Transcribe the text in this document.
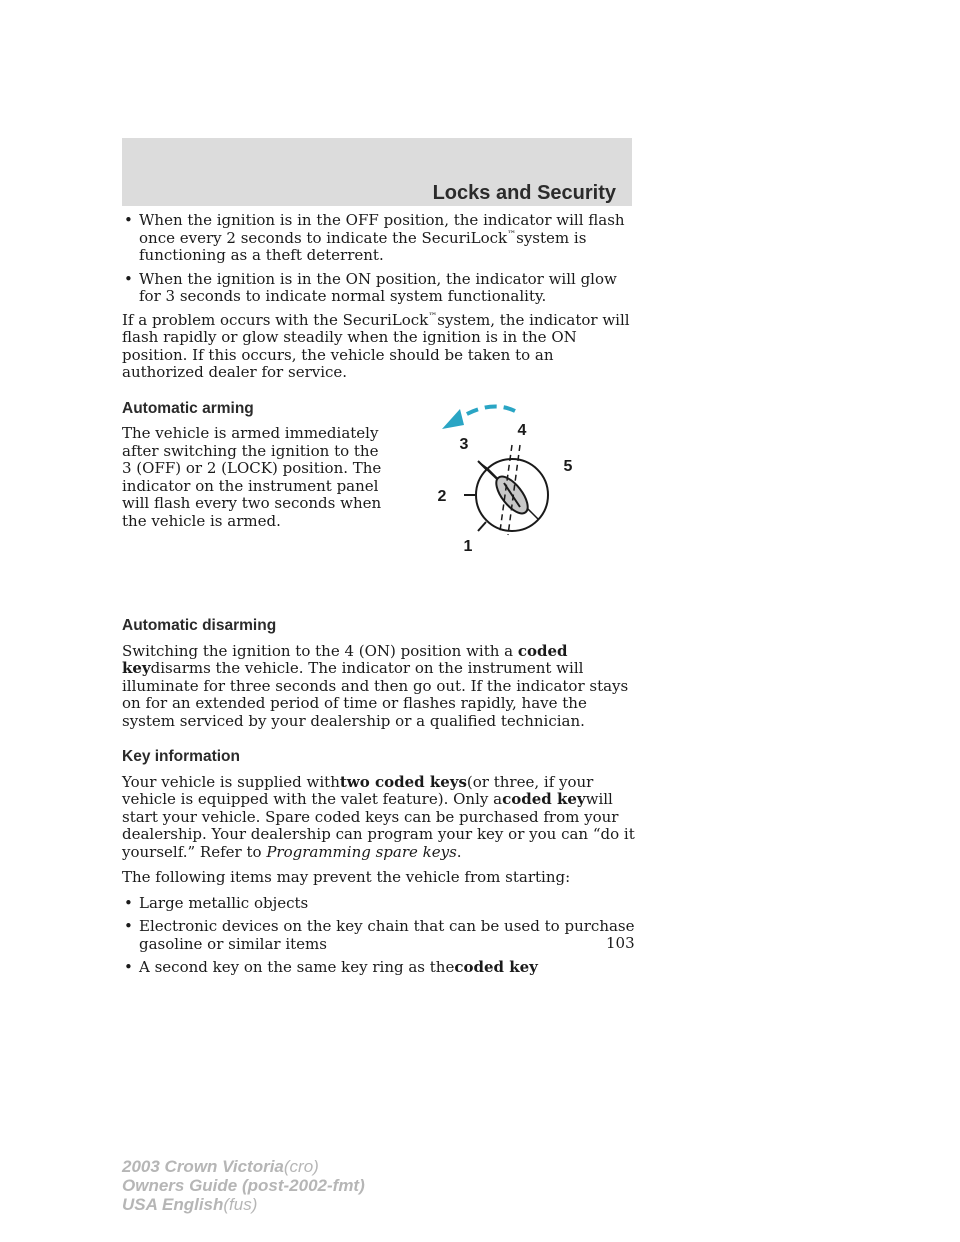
Locks and Security
• When the ignition is in the OFF position, the indicator will flash once every 2 seconds to indicate the SecuriLock™system is functioning as a theft deterrent.
• When the ignition is in the ON position, the indicator will glow for 3 seconds to indicate normal system functionality.

If a problem occurs with the SecuriLock™system, the indicator will flash rapidly or glow steadily when the ignition is in the ON position. If this occurs, the vehicle should be taken to an authorized dealer for service.

Automatic arming

The vehicle is armed immediately after switching the ignition to the 3 (OFF) or 2 (LOCK) position. The indicator on the instrument panel will flash every two seconds when the vehicle is armed.

Automatic disarming

Switching the ignition to the 4 (ON) position with a coded keydisarms the vehicle. The indicator on the instrument will illuminate for three seconds and then go out. If the indicator stays on for an extended period of time or flashes rapidly, have the system serviced by your dealership or a qualified technician.

Key information

Your vehicle is supplied withtwo coded keys(or three, if your vehicle is equipped with the valet feature). Only acoded keywill start your vehicle. Spare coded keys can be purchased from your dealership. Your dealership can program your key or you can “do it yourself.” Refer to Programming spare keys.

The following items may prevent the vehicle from starting:

• Large metallic objects
• Electronic devices on the key chain that can be used to purchase gasoline or similar items
• A second key on the same key ring as thecoded key
1
2
3
4
5
103
2003 Crown Victoria(cro)
Owners Guide (post-2002-fmt)
USA English(fus)
